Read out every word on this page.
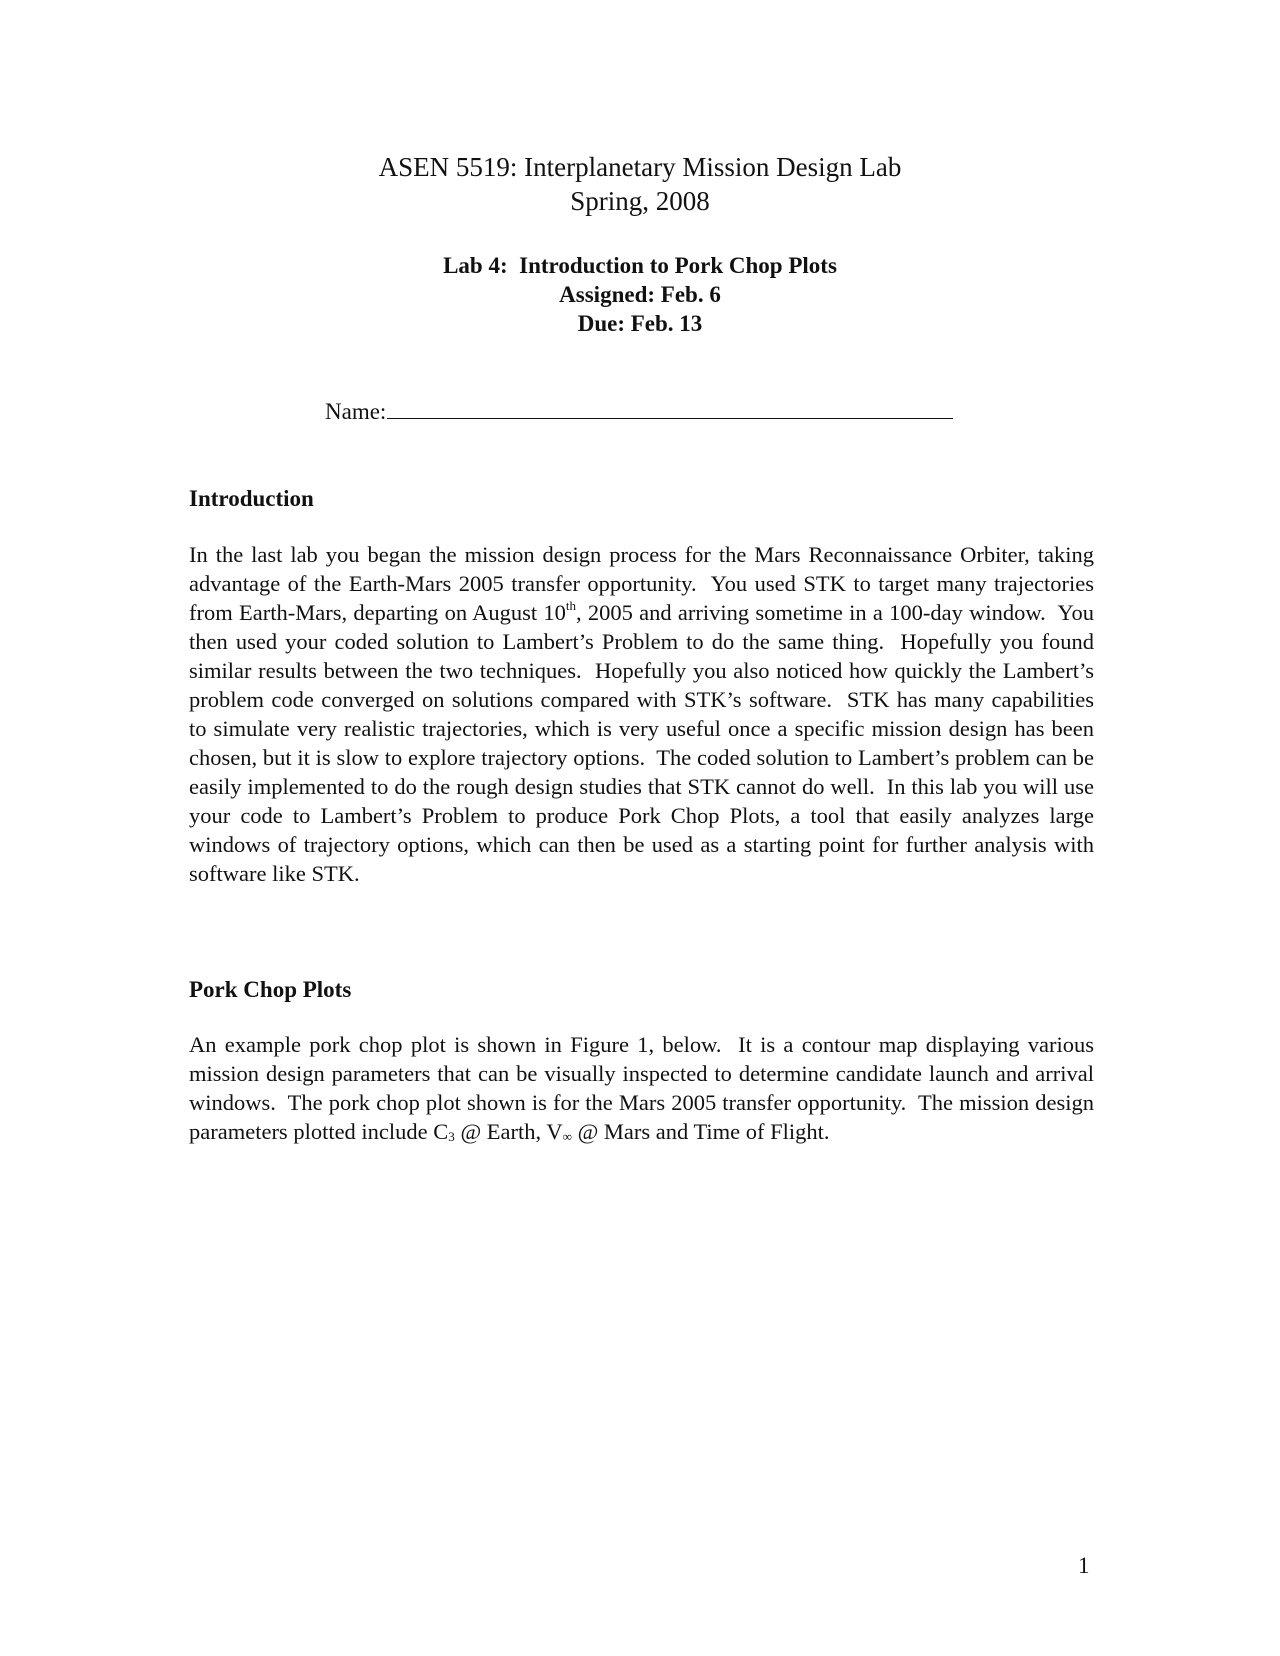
ASEN 5519: Interplanetary Mission Design Lab
Spring, 2008
Lab 4:  Introduction to Pork Chop Plots
Assigned: Feb. 6
Due: Feb. 13
Name:
Introduction
In the last lab you began the mission design process for the Mars Reconnaissance Orbiter, taking advantage of the Earth-Mars 2005 transfer opportunity.  You used STK to target many trajectories from Earth-Mars, departing on August 10th, 2005 and arriving sometime in a 100-day window.  You then used your coded solution to Lambert’s Problem to do the same thing.  Hopefully you found similar results between the two techniques.  Hopefully you also noticed how quickly the Lambert’s problem code converged on solutions compared with STK’s software.  STK has many capabilities to simulate very realistic trajectories, which is very useful once a specific mission design has been chosen, but it is slow to explore trajectory options.  The coded solution to Lambert’s problem can be easily implemented to do the rough design studies that STK cannot do well.  In this lab you will use your code to Lambert’s Problem to produce Pork Chop Plots, a tool that easily analyzes large windows of trajectory options, which can then be used as a starting point for further analysis with software like STK.
Pork Chop Plots
An example pork chop plot is shown in Figure 1, below.  It is a contour map displaying various mission design parameters that can be visually inspected to determine candidate launch and arrival windows.  The pork chop plot shown is for the Mars 2005 transfer opportunity.  The mission design parameters plotted include $C_3$ @ Earth, $V_\infty$ @ Mars and Time of Flight.
1
